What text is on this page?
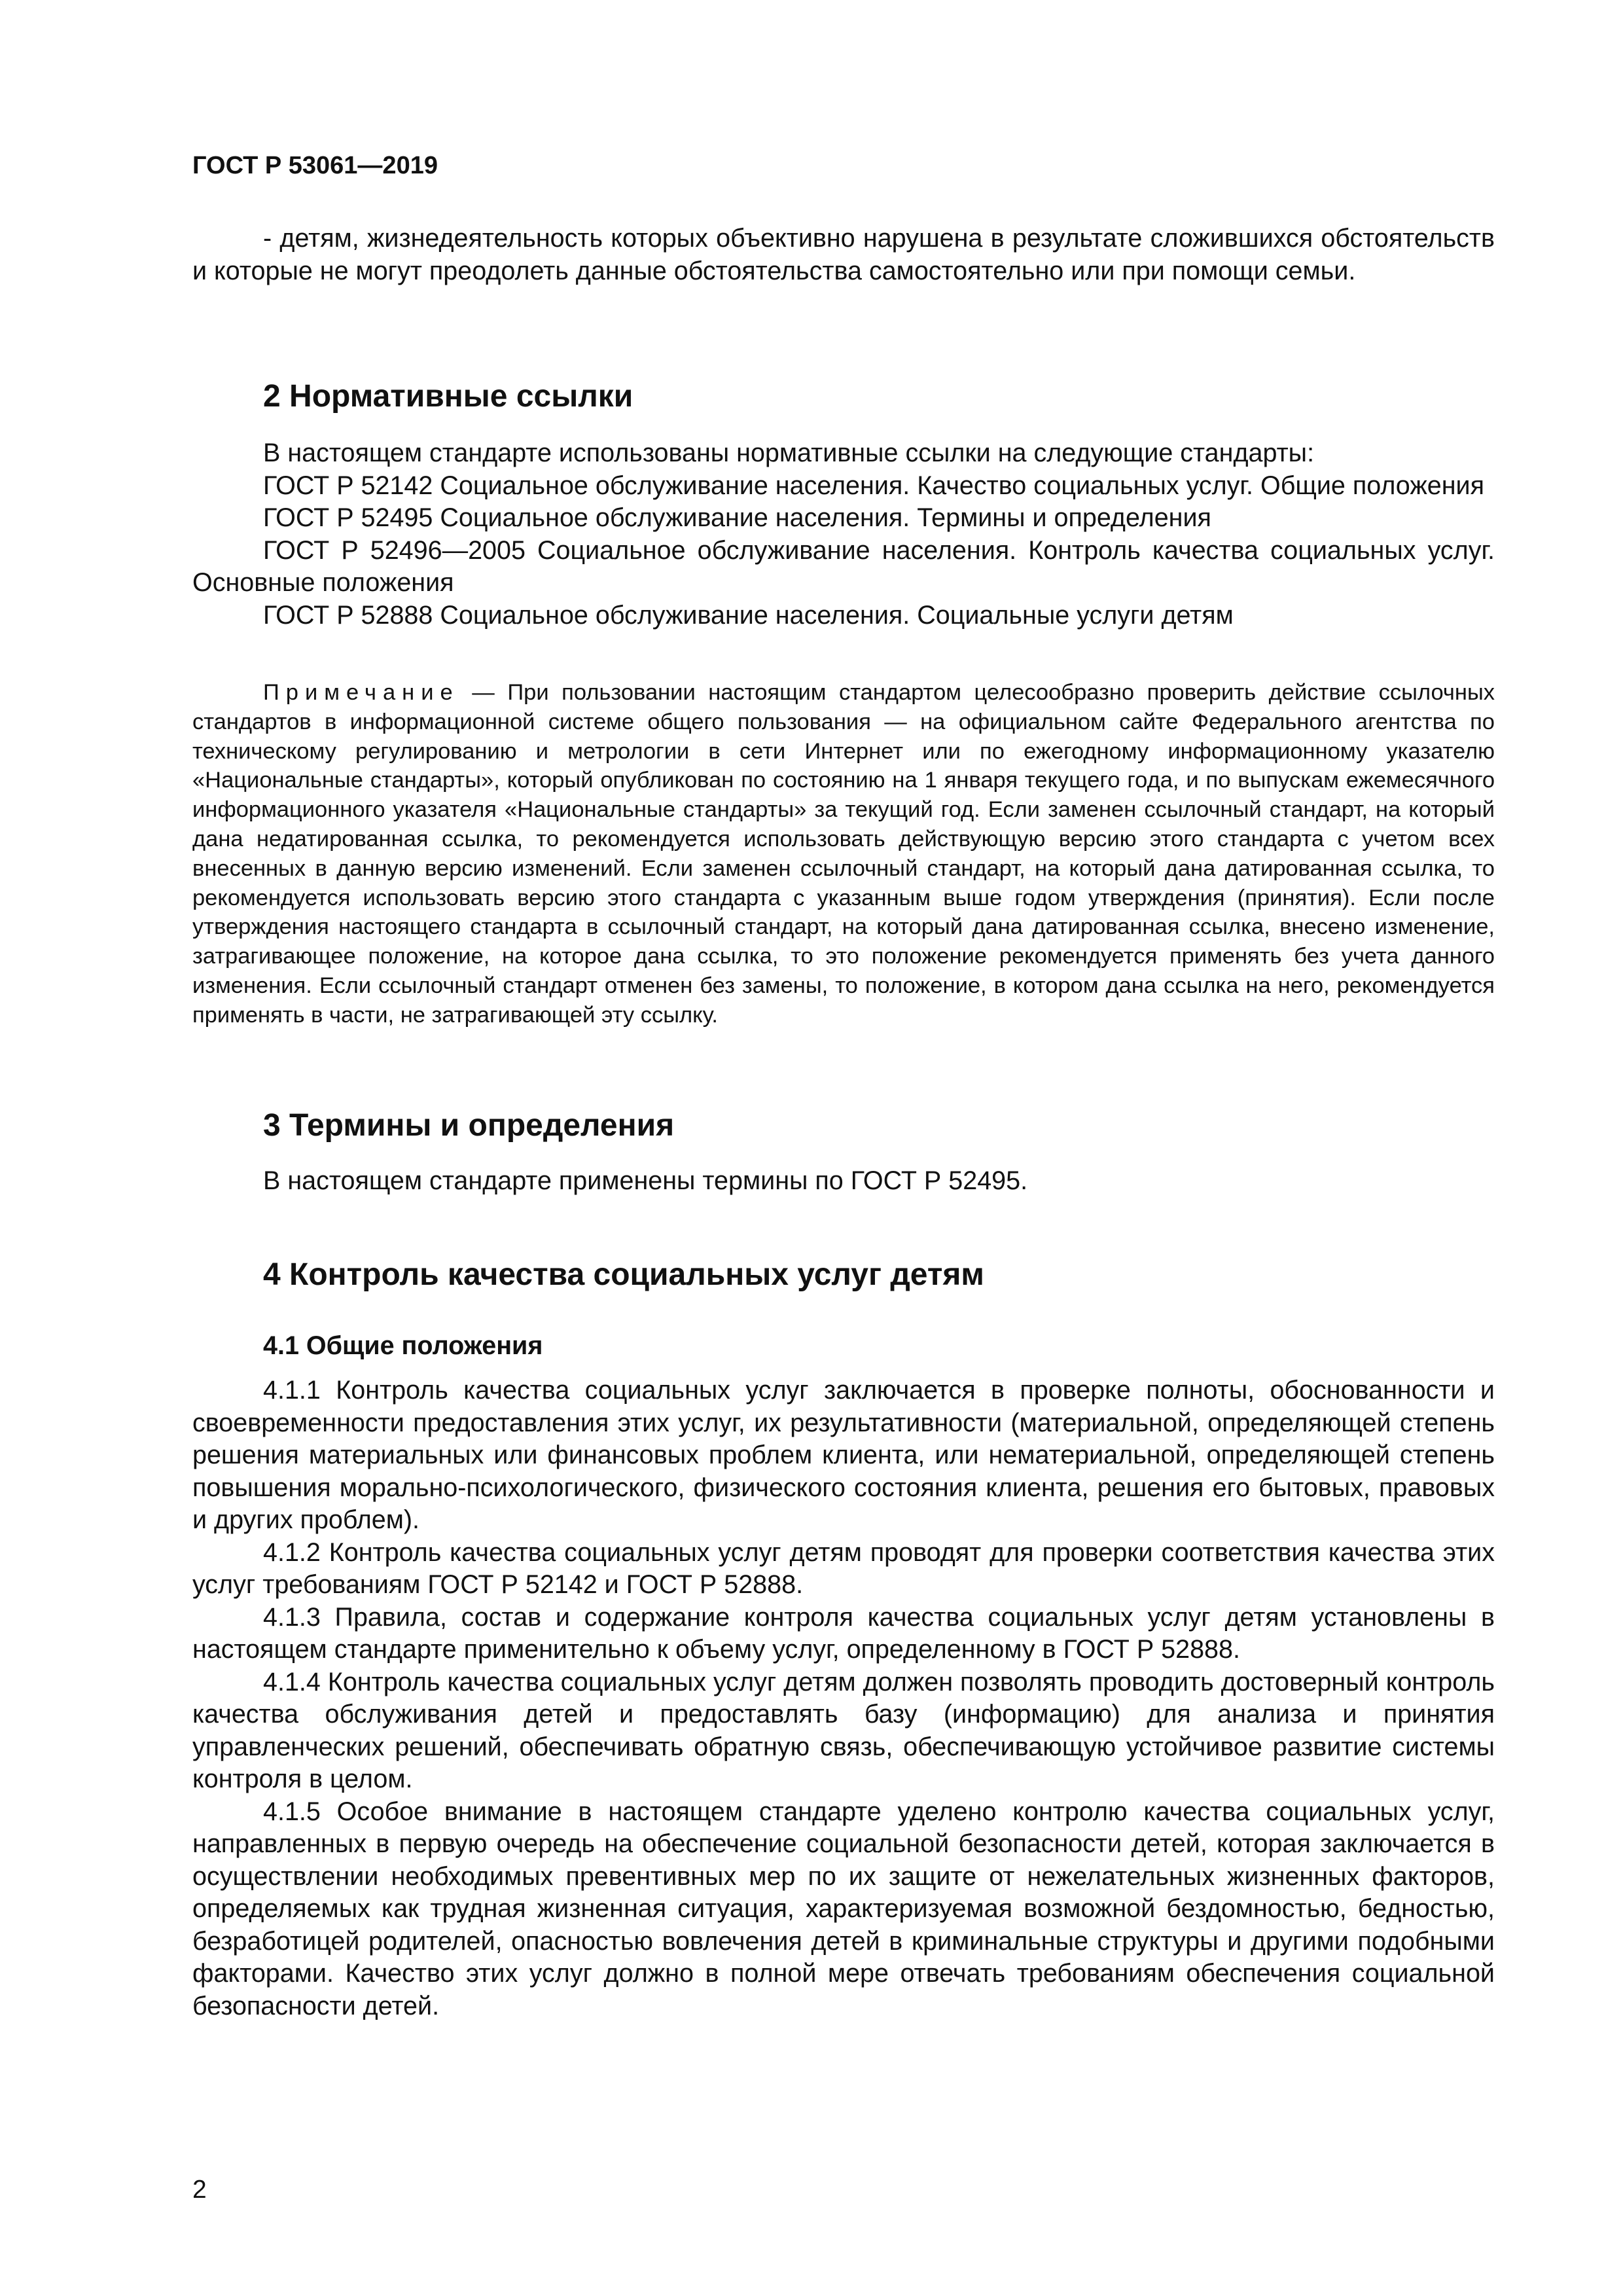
ГОСТ Р 53061—2019

- детям, жизнедеятельность которых объективно нарушена в результате сложившихся обстоятельств и которые не могут преодолеть данные обстоятельства самостоятельно или при помощи семьи.

2 Нормативные ссылки

В настоящем стандарте использованы нормативные ссылки на следующие стандарты:

ГОСТ Р 52142 Социальное обслуживание населения. Качество социальных услуг. Общие положения

ГОСТ Р 52495 Социальное обслуживание населения. Термины и определения

ГОСТ Р 52496—2005 Социальное обслуживание населения. Контроль качества социальных услуг. Основные положения

ГОСТ Р 52888 Социальное обслуживание населения. Социальные услуги детям

Примечание — При пользовании настоящим стандартом целесообразно проверить действие ссылочных стандартов в информационной системе общего пользования — на официальном сайте Федерального агентства по техническому регулированию и метрологии в сети Интернет или по ежегодному информационному указателю «Национальные стандарты», который опубликован по состоянию на 1 января текущего года, и по выпускам ежемесячного информационного указателя «Национальные стандарты» за текущий год. Если заменен ссылочный стандарт, на который дана недатированная ссылка, то рекомендуется использовать действующую версию этого стандарта с учетом всех внесенных в данную версию изменений. Если заменен ссылочный стандарт, на который дана датированная ссылка, то рекомендуется использовать версию этого стандарта с указанным выше годом утверждения (принятия). Если после утверждения настоящего стандарта в ссылочный стандарт, на который дана датированная ссылка, внесено изменение, затрагивающее положение, на которое дана ссылка, то это положение рекомендуется применять без учета данного изменения. Если ссылочный стандарт отменен без замены, то положение, в котором дана ссылка на него, рекомендуется применять в части, не затрагивающей эту ссылку.

3 Термины и определения

В настоящем стандарте применены термины по ГОСТ Р 52495.

4 Контроль качества социальных услуг детям
4.1 Общие положения

4.1.1 Контроль качества социальных услуг заключается в проверке полноты, обоснованности и своевременности предоставления этих услуг, их результативности (материальной, определяющей степень решения материальных или финансовых проблем клиента, или нематериальной, определяющей степень повышения морально-психологического, физического состояния клиента, решения его бытовых, правовых и других проблем).

4.1.2 Контроль качества социальных услуг детям проводят для проверки соответствия качества этих услуг требованиям ГОСТ Р 52142 и ГОСТ Р 52888.

4.1.3 Правила, состав и содержание контроля качества социальных услуг детям установлены в настоящем стандарте применительно к объему услуг, определенному в ГОСТ Р 52888.

4.1.4 Контроль качества социальных услуг детям должен позволять проводить достоверный контроль качества обслуживания детей и предоставлять базу (информацию) для анализа и принятия управленческих решений, обеспечивать обратную связь, обеспечивающую устойчивое развитие системы контроля в целом.

4.1.5 Особое внимание в настоящем стандарте уделено контролю качества социальных услуг, направленных в первую очередь на обеспечение социальной безопасности детей, которая заключается в осуществлении необходимых превентивных мер по их защите от нежелательных жизненных факторов, определяемых как трудная жизненная ситуация, характеризуемая возможной бездомностью, бедностью, безработицей родителей, опасностью вовлечения детей в криминальные структуры и другими подобными факторами. Качество этих услуг должно в полной мере отвечать требованиям обеспечения социальной безопасности детей.

2
